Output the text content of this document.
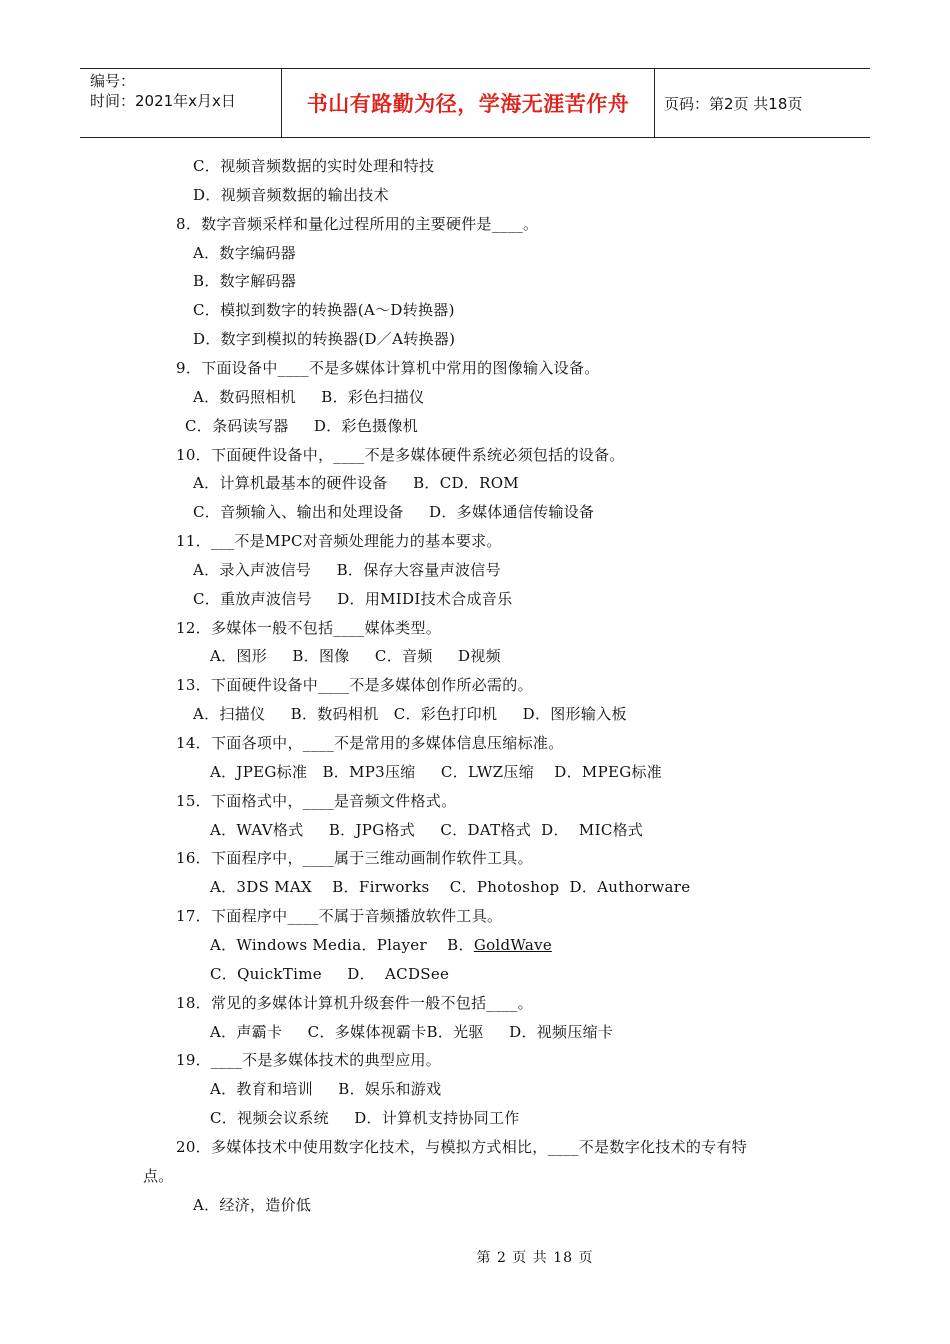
编号：
时间：2021年x月x日	书山有路勤为径，学海无涯苦作舟 页码：第2页 共18页
C．视频音频数据的实时处理和特技
D．视频音频数据的输出技术
8．数字音频采样和量化过程所用的主要硬件是____。
A．数字编码器
B．数字解码器
C．模拟到数字的转换器(A～D转换器)
D．数字到模拟的转换器(D／A转换器)
9．下面设备中____不是多媒体计算机中常用的图像输入设备。
A．数码照相机     B．彩色扫描仪
C．条码读写器     D．彩色摄像机
10．下面硬件设备中，____不是多媒体硬件系统必须包括的设备。
A．计算机最基本的硬件设备     B．CD．ROM
C．音频输入、输出和处理设备     D．多媒体通信传输设备
11．___不是MPC对音频处理能力的基本要求。
A．录入声波信号     B．保存大容量声波信号
C．重放声波信号     D．用MIDI技术合成音乐
12．多媒体一般不包括____媒体类型。
A．图形     B．图像     C．音频     D视频
13．下面硬件设备中____不是多媒体创作所必需的。
A．扫描仪     B．数码相机   C．彩色打印机     D．图形输入板
14．下面各项中，____不是常用的多媒体信息压缩标准。
A．JPEG标准   B．MP3压缩     C．LWZ压缩    D．MPEG标准
15．下面格式中，____是音频文件格式。
A．WAV格式     B．JPG格式     C．DAT格式  D．  MIC格式
16．下面程序中，____属于三维动画制作软件工具。
A．3DS MAX    B．Firworks    C．Photoshop  D．Authorware
17．下面程序中____不属于音频播放软件工具。
A．Windows Media．Player    B．GoldWave
C．QuickTime     D．  ACDSee
18．常见的多媒体计算机升级套件一般不包括____。
A．声霸卡     C．多媒体视霸卡B．光驱     D．视频压缩卡
19．____不是多媒体技术的典型应用。
A．教育和培训     B．娱乐和游戏
C．视频会议系统     D．计算机支持协同工作
20．多媒体技术中使用数字化技术，与模拟方式相比，____不是数字化技术的专有特
点。
A．经济，造价低
第 2 页 共 18 页
